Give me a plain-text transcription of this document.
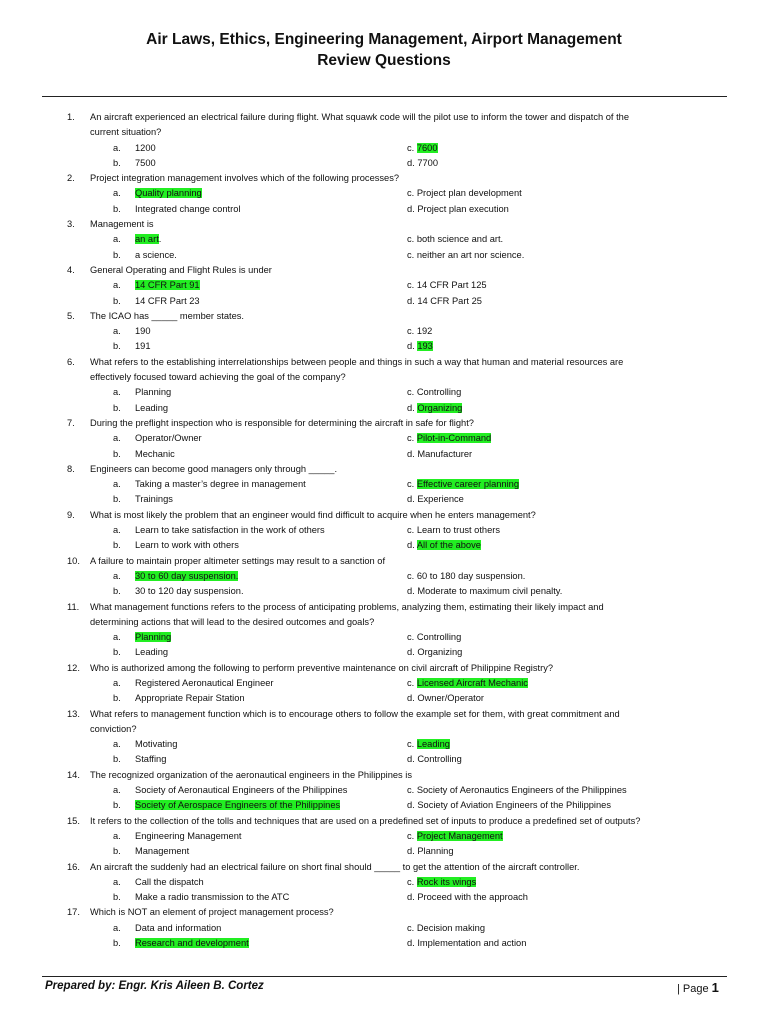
Air Laws, Ethics, Engineering Management, Airport Management
Review Questions
1. An aircraft experienced an electrical failure during flight. What squawk code will the pilot use to inform the tower and dispatch of the
current situation?
a. 1200	c. 7600
b. 7500	d. 7700
2. Project integration management involves which of the following processes?
a. Quality planning	c. Project plan development
b. Integrated change control	d. Project plan execution
3. Management is
a. an art.	c. both science and art.
b. a science.	c. neither an art nor science.
4. General Operating and Flight Rules is under
a. 14 CFR Part 91	c. 14 CFR Part 125
b. 14 CFR Part 23	d. 14 CFR Part 25
5. The ICAO has _____ member states.
a. 190	c. 192
b. 191	d. 193
6. What refers to the establishing interrelationships between people and things in such a way that human and material resources are
effectively focused toward achieving the goal of the company?
a. Planning	c. Controlling
b. Leading	d. Organizing
7. During the preflight inspection who is responsible for determining the aircraft in safe for flight?
a. Operator/Owner	c. Pilot-in-Command
b. Mechanic	d. Manufacturer
8. Engineers can become good managers only through _____.
a. Taking a master’s degree in management	c. Effective career planning
b. Trainings	d. Experience
9. What is most likely the problem that an engineer would find difficult to acquire when he enters management?
a. Learn to take satisfaction in the work of others	c. Learn to trust others
b. Learn to work with others	d. All of the above
10. A failure to maintain proper altimeter settings may result to a sanction of
a. 30 to 60 day suspension.	c. 60 to 180 day suspension.
b. 30 to 120 day suspension.	d. Moderate to maximum civil penalty.
11. What management functions refers to the process of anticipating problems, analyzing them, estimating their likely impact and
determining actions that will lead to the desired outcomes and goals?
a. Planning	c. Controlling
b. Leading	d. Organizing
12. Who is authorized among the following to perform preventive maintenance on civil aircraft of Philippine Registry?
a. Registered Aeronautical Engineer	c. Licensed Aircraft Mechanic
b. Appropriate Repair Station	d. Owner/Operator
13. What refers to management function which is to encourage others to follow the example set for them, with great commitment and
conviction?
a. Motivating	c. Leading
b. Staffing	d. Controlling
14. The recognized organization of the aeronautical engineers in the Philippines is
a. Society of Aeronautical Engineers of the Philippines	c. Society of Aeronautics Engineers of the Philippines
b. Society of Aerospace Engineers of the Philippines	d. Society of Aviation Engineers of the Philippines
15. It refers to the collection of the tolls and techniques that are used on a predefined set of inputs to produce a predefined set of outputs?
a. Engineering Management	c. Project Management
b. Management	d. Planning
16. An aircraft the suddenly had an electrical failure on short final should _____ to get the attention of the aircraft controller.
a. Call the dispatch	c. Rock its wings
b. Make a radio transmission to the ATC	d. Proceed with the approach
17. Which is NOT an element of project management process?
a. Data and information	c. Decision making
b. Research and development	d. Implementation and action
Prepared by: Engr. Kris Aileen B. Cortez	| Page 1
